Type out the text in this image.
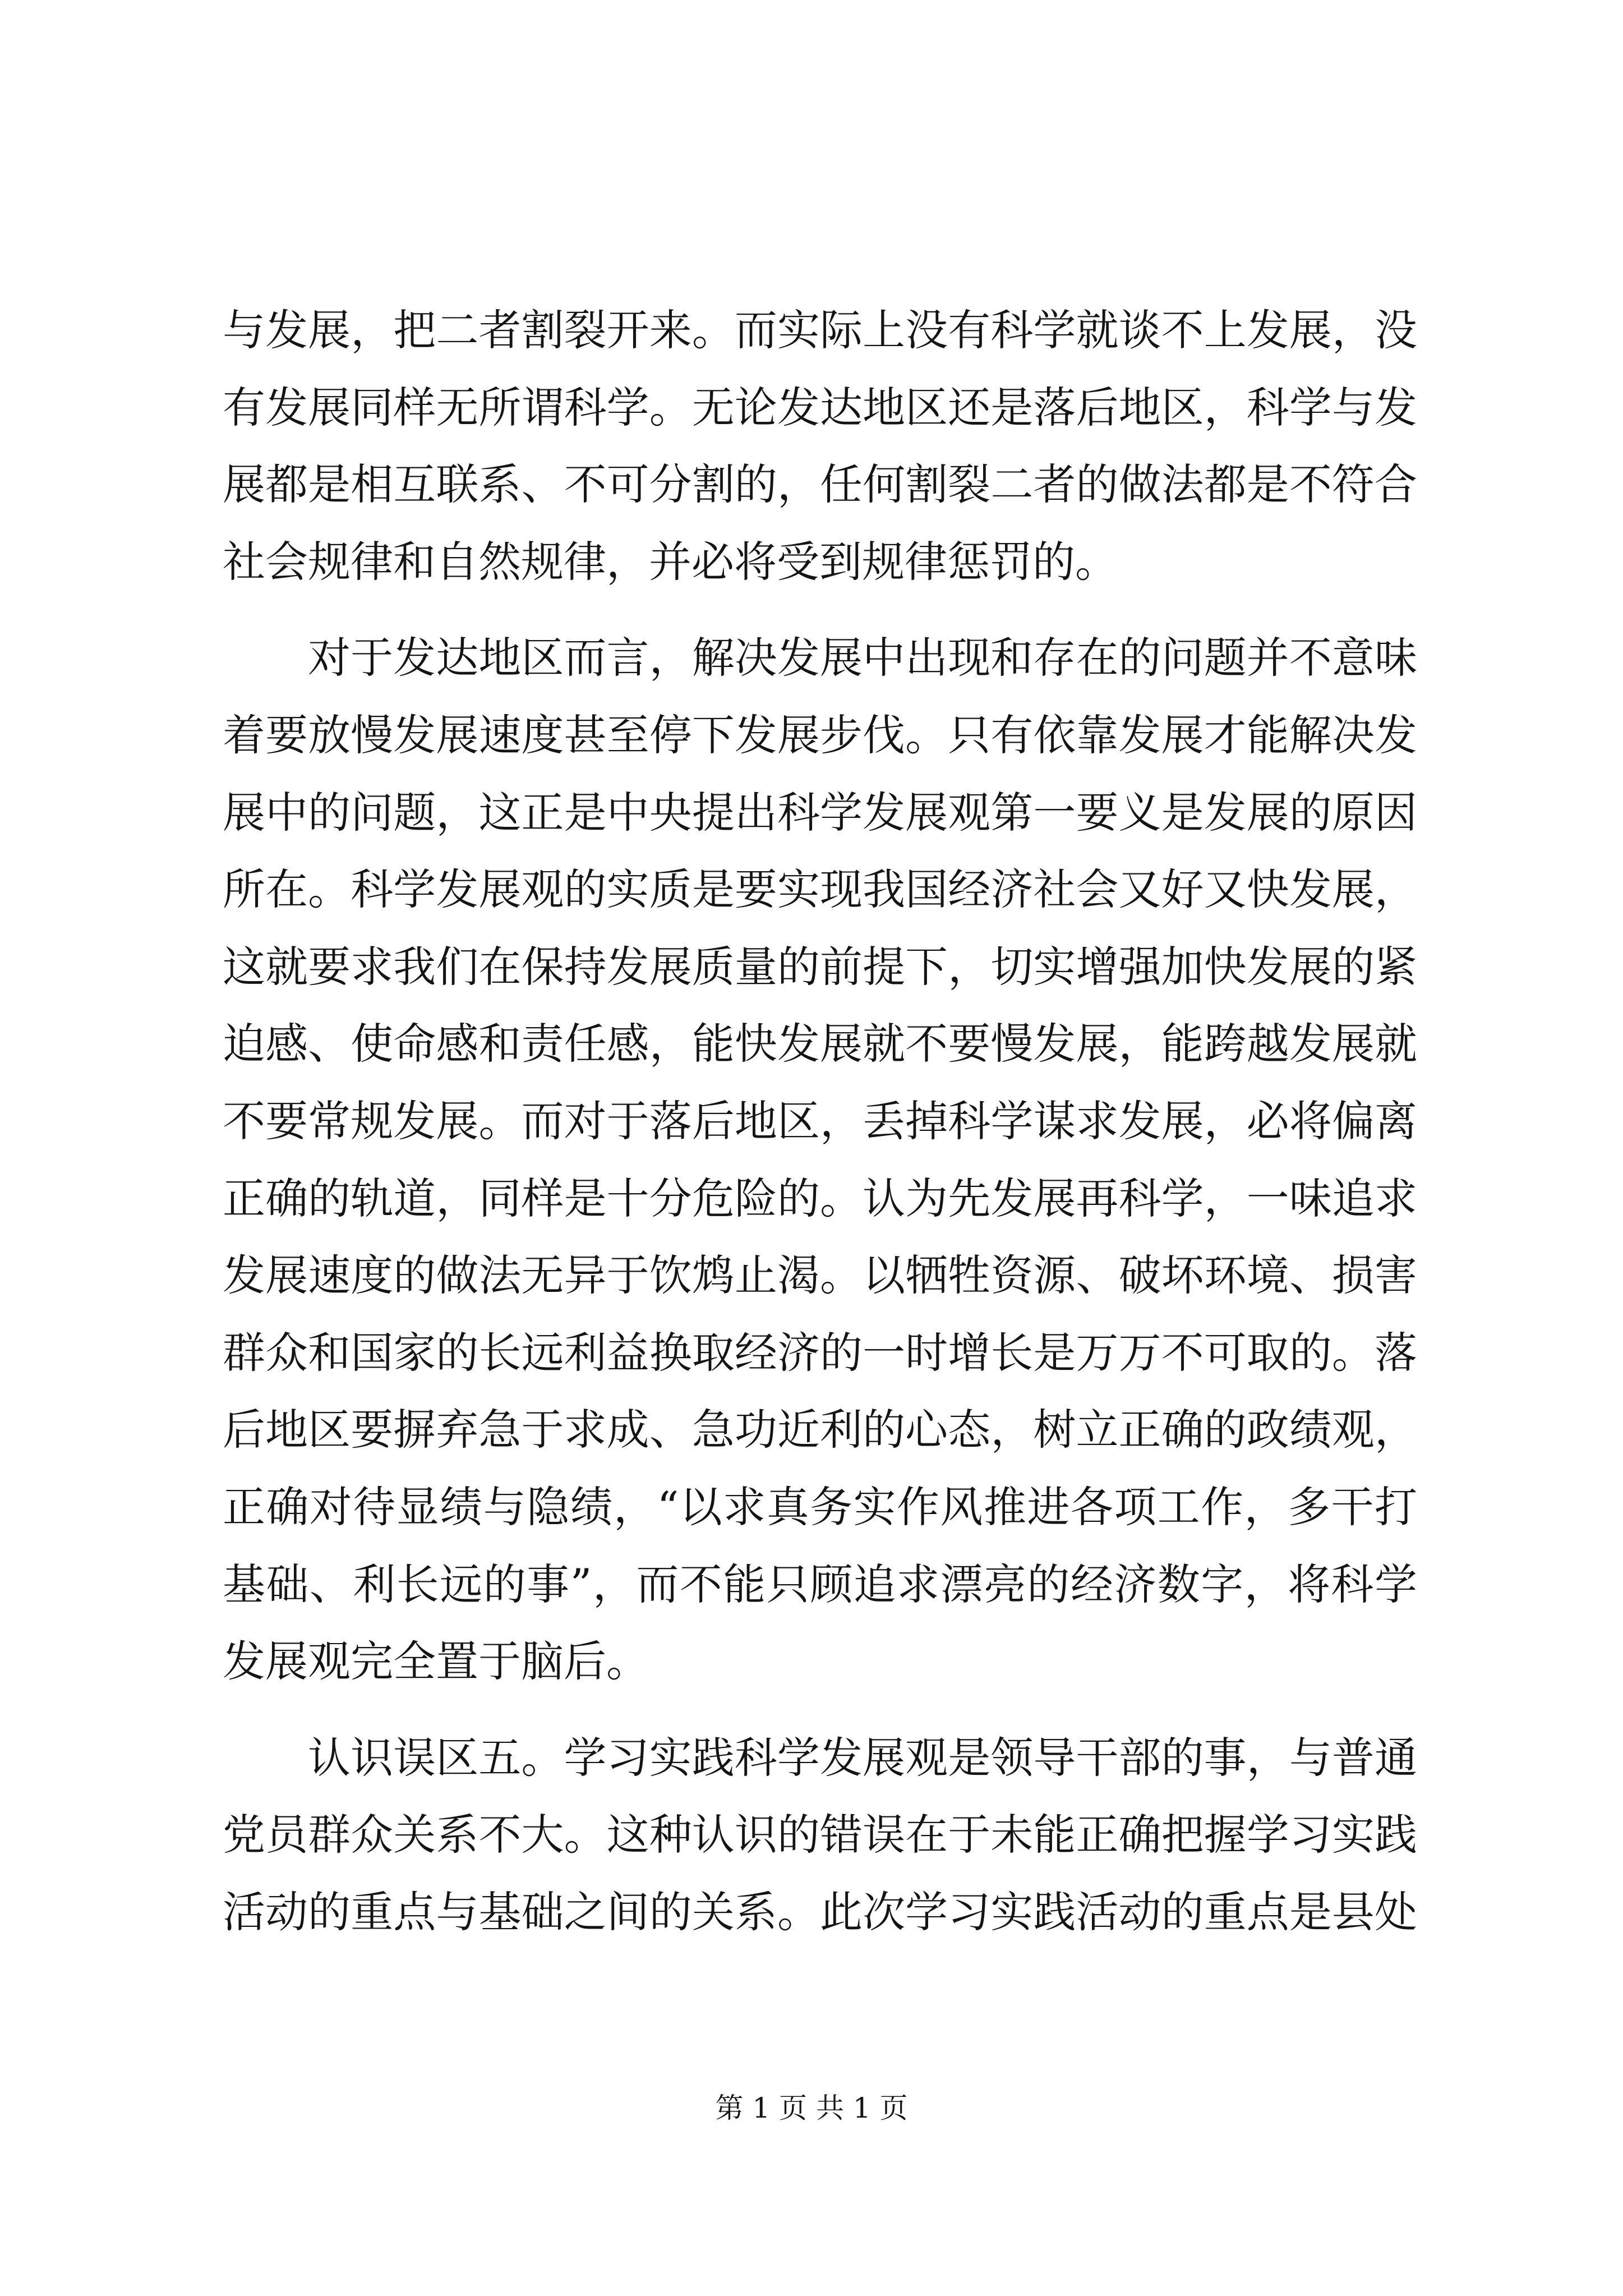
与发展，把二者割裂开来。而实际上没有科学就谈不上发展，没
有发展同样无所谓科学。无论发达地区还是落后地区，科学与发
展都是相互联系、不可分割的，任何割裂二者的做法都是不符合
社会规律和自然规律，并必将受到规律惩罚的。
对于发达地区而言，解决发展中出现和存在的问题并不意味
着要放慢发展速度甚至停下发展步伐。只有依靠发展才能解决发
展中的问题，这正是中央提出科学发展观第一要义是发展的原因
所在。科学发展观的实质是要实现我国经济社会又好又快发展，
这就要求我们在保持发展质量的前提下，切实增强加快发展的紧
迫感、使命感和责任感，能快发展就不要慢发展，能跨越发展就
不要常规发展。而对于落后地区，丢掉科学谋求发展，必将偏离
正确的轨道，同样是十分危险的。认为先发展再科学，一味追求
发展速度的做法无异于饮鸩止渴。以牺牲资源、破坏环境、损害
群众和国家的长远利益换取经济的一时增长是万万不可取的。落
后地区要摒弃急于求成、急功近利的心态，树立正确的政绩观，
正确对待显绩与隐绩，“以求真务实作风推进各项工作，多干打
基础、利长远的事”，而不能只顾追求漂亮的经济数字，将科学
发展观完全置于脑后。
认识误区五。学习实践科学发展观是领导干部的事，与普通
党员群众关系不大。这种认识的错误在于未能正确把握学习实践
活动的重点与基础之间的关系。此次学习实践活动的重点是县处
第 1 页 共 1 页
